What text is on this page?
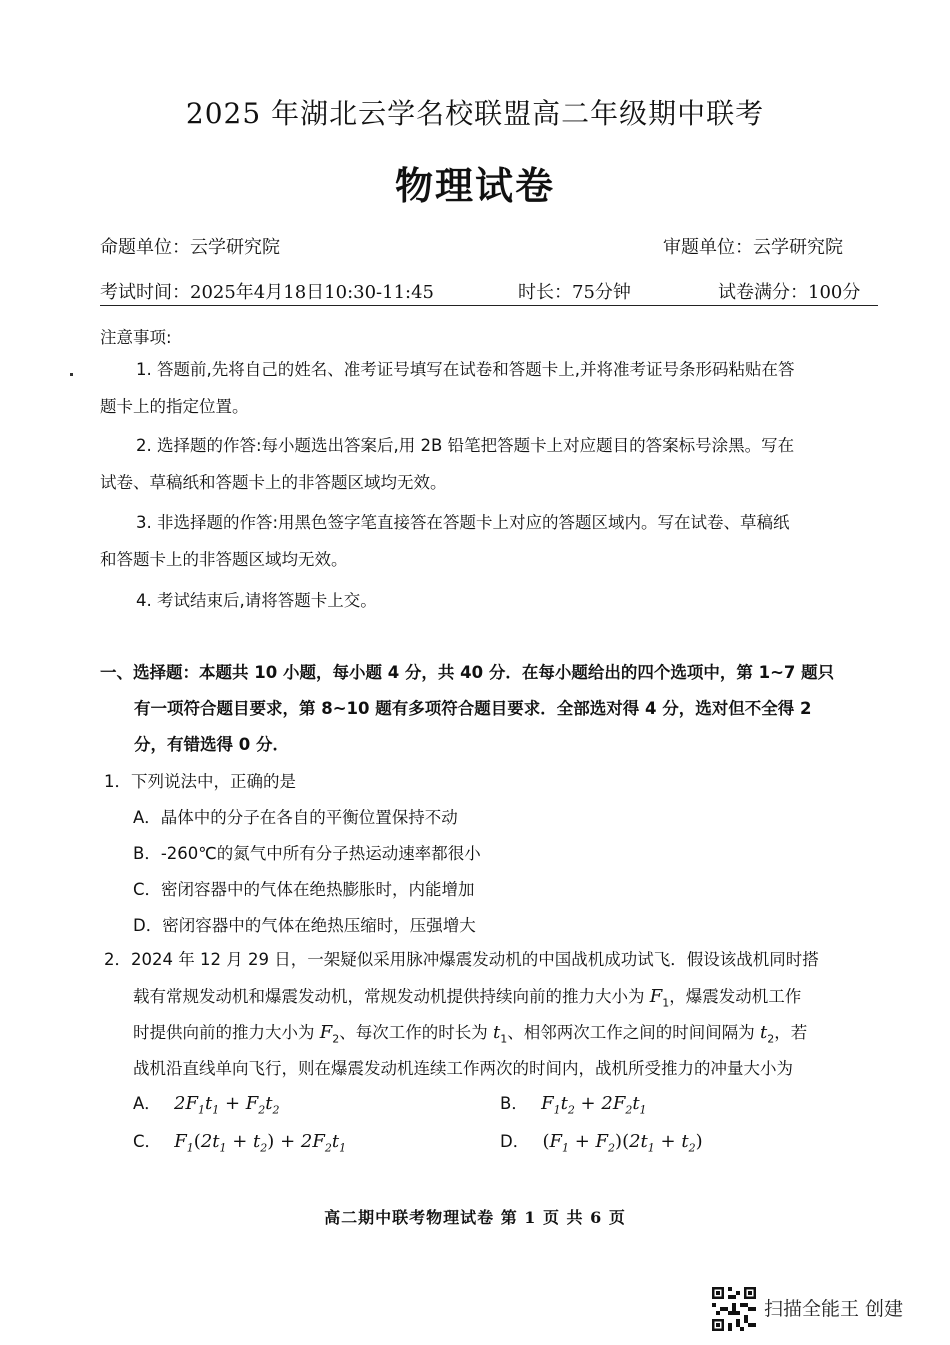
2025 年湖北云学名校联盟高二年级期中联考
物理试卷
命题单位：云学研究院	审题单位：云学研究院
考试时间：2025年4月18日10:30-11:45	时长：75分钟	试卷满分：100分
注意事项:
1. 答题前,先将自己的姓名、准考证号填写在试卷和答题卡上,并将准考证号条形码粘贴在答
题卡上的指定位置。
2. 选择题的作答:每小题选出答案后,用 2B 铅笔把答题卡上对应题目的答案标号涂黑。写在
试卷、草稿纸和答题卡上的非答题区域均无效。
3. 非选择题的作答:用黑色签字笔直接答在答题卡上对应的答题区域内。写在试卷、草稿纸
和答题卡上的非答题区域均无效。
4. 考试结束后,请将答题卡上交。
一、选择题：本题共 10 小题，每小题 4 分，共 40 分．在每小题给出的四个选项中，第 1~7 题只
有一项符合题目要求，第 8~10 题有多项符合题目要求．全部选对得 4 分，选对但不全得 2
分，有错选得 0 分．
1．下列说法中，正确的是
A．晶体中的分子在各自的平衡位置保持不动
B．-260℃的氮气中所有分子热运动速率都很小
C．密闭容器中的气体在绝热膨胀时，内能增加
D．密闭容器中的气体在绝热压缩时，压强增大
2．2024 年 12 月 29 日，一架疑似采用脉冲爆震发动机的中国战机成功试飞．假设该战机同时搭
载有常规发动机和爆震发动机，常规发动机提供持续向前的推力大小为 $F_1$，爆震发动机工作
时提供向前的推力大小为 $F_2$、每次工作的时长为 $t_1$、相邻两次工作之间的时间间隔为 $t_2$，若
战机沿直线单向飞行，则在爆震发动机连续工作两次的时间内，战机所受推力的冲量大小为
A． $2F_1t_1 + F_2t_2$	B． $F_1t_2 + 2F_2t_1$
C． $F_1(2t_1 + t_2) + 2F_2t_1$	D． $(F_1 + F_2)(2t_1 + t_2)$
高二期中联考物理试卷 第 1 页 共 6 页
扫描全能王 创建
